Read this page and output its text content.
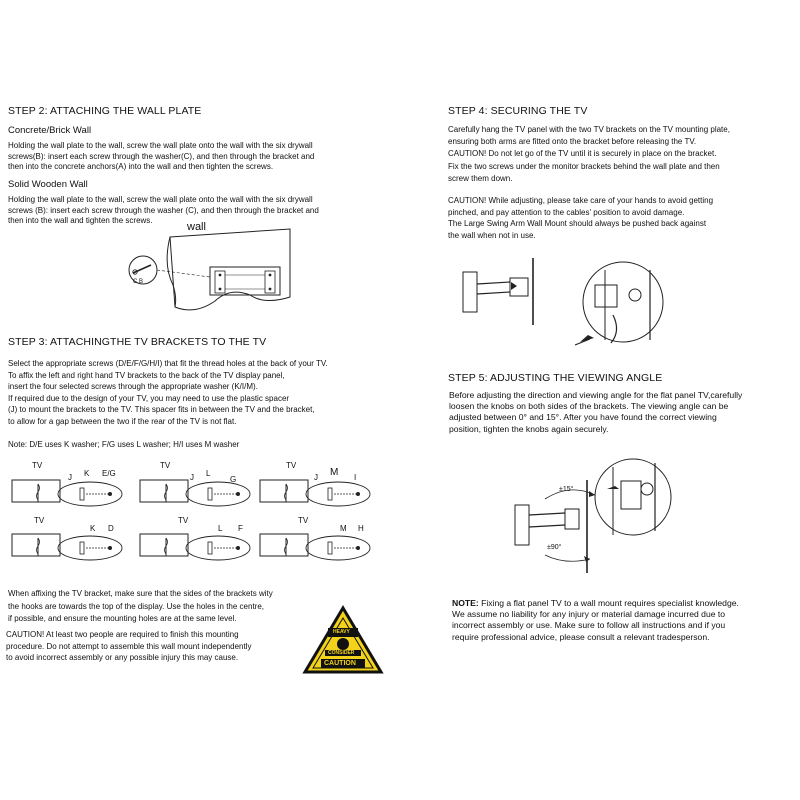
STEP 2: ATTACHING THE WALL PLATE
Concrete/Brick Wall
Holding the wall plate to the wall, screw the wall plate onto the wall with the six drywall
screws(B): insert each screw through the washer(C), and then through the bracket and
then into the concrete anchors(A) into the wall and then tighten the screws.
Solid Wooden Wall
Holding the wall plate to the wall, screw the wall plate onto the wall with the six drywall
screws (B): insert each screw through the washer (C), and then through the bracket and
then into the wall and tighten the screws.
wall
C B
STEP 3: ATTACHINGTHE TV BRACKETS TO THE TV
Select the appropriate screws (D/E/F/G/H/I) that fit the thread holes at the back of your TV.
To affix the left and right hand TV brackets to the back of the TV display panel,
insert the four selected screws through the appropriate washer (K/I/M).
If required due to the design of your TV, you may need to use the plastic spacer
(J) to mount the brackets to the TV. This spacer fits in between the TV and the bracket,
to allow for a gap between the two if the rear of the TV is not flat.
Note: D/E uses K washer; F/G uses L washer; H/I uses M washer
TV
J K E/G
TV
J L
G
TV
J M I
TV
K D
TV
L F
TV
M H
When affixing the TV bracket, make sure that the sides of the brackets wity
the hooks are towards the top of the display. Use the holes in the centre,
if possible, and ensure the mounting holes are at the same level.
CAUTION! At least two people are required to finish this mounting
procedure. Do not attempt to assemble this wall mount independently
to avoid incorrect assembly or any possible injury this may cause.
HEAVY
CONSIDER
CAUTION
STEP 4: SECURING THE TV
Carefully hang the TV panel with the two TV brackets on the TV mounting plate,
ensuring both arms are fitted onto the bracket before releasing the TV.
CAUTION! Do not let go of the TV until it is securely in place on the bracket.
Fix the two screws under the monitor brackets behind the wall plate and then
screw them down.
CAUTION! While adjusting, please take care of your hands to avoid getting
pinched, and pay attention to the cables' position to avoid damage.
The Large Swing Arm Wall Mount should always be pushed back against
the wall when not in use.
STEP 5: ADJUSTING THE VIEWING ANGLE
Before adjusting the direction and viewing angle for the flat panel TV,carefully
loosen the knobs on both sides of the brackets. The viewing angle can be
adjusted between 0° and 15°. After you have found the correct viewing
position, tighten the knobs again securely.
±15°
±90°
NOTE: Fixing a flat panel TV to a wall mount requires specialist knowledge.
We assume no liability for any injury or material damage incurred due to
incorrect assembly or use. Make sure to follow all instructions and if you
require professional advice, please consult a relevant tradesperson.
